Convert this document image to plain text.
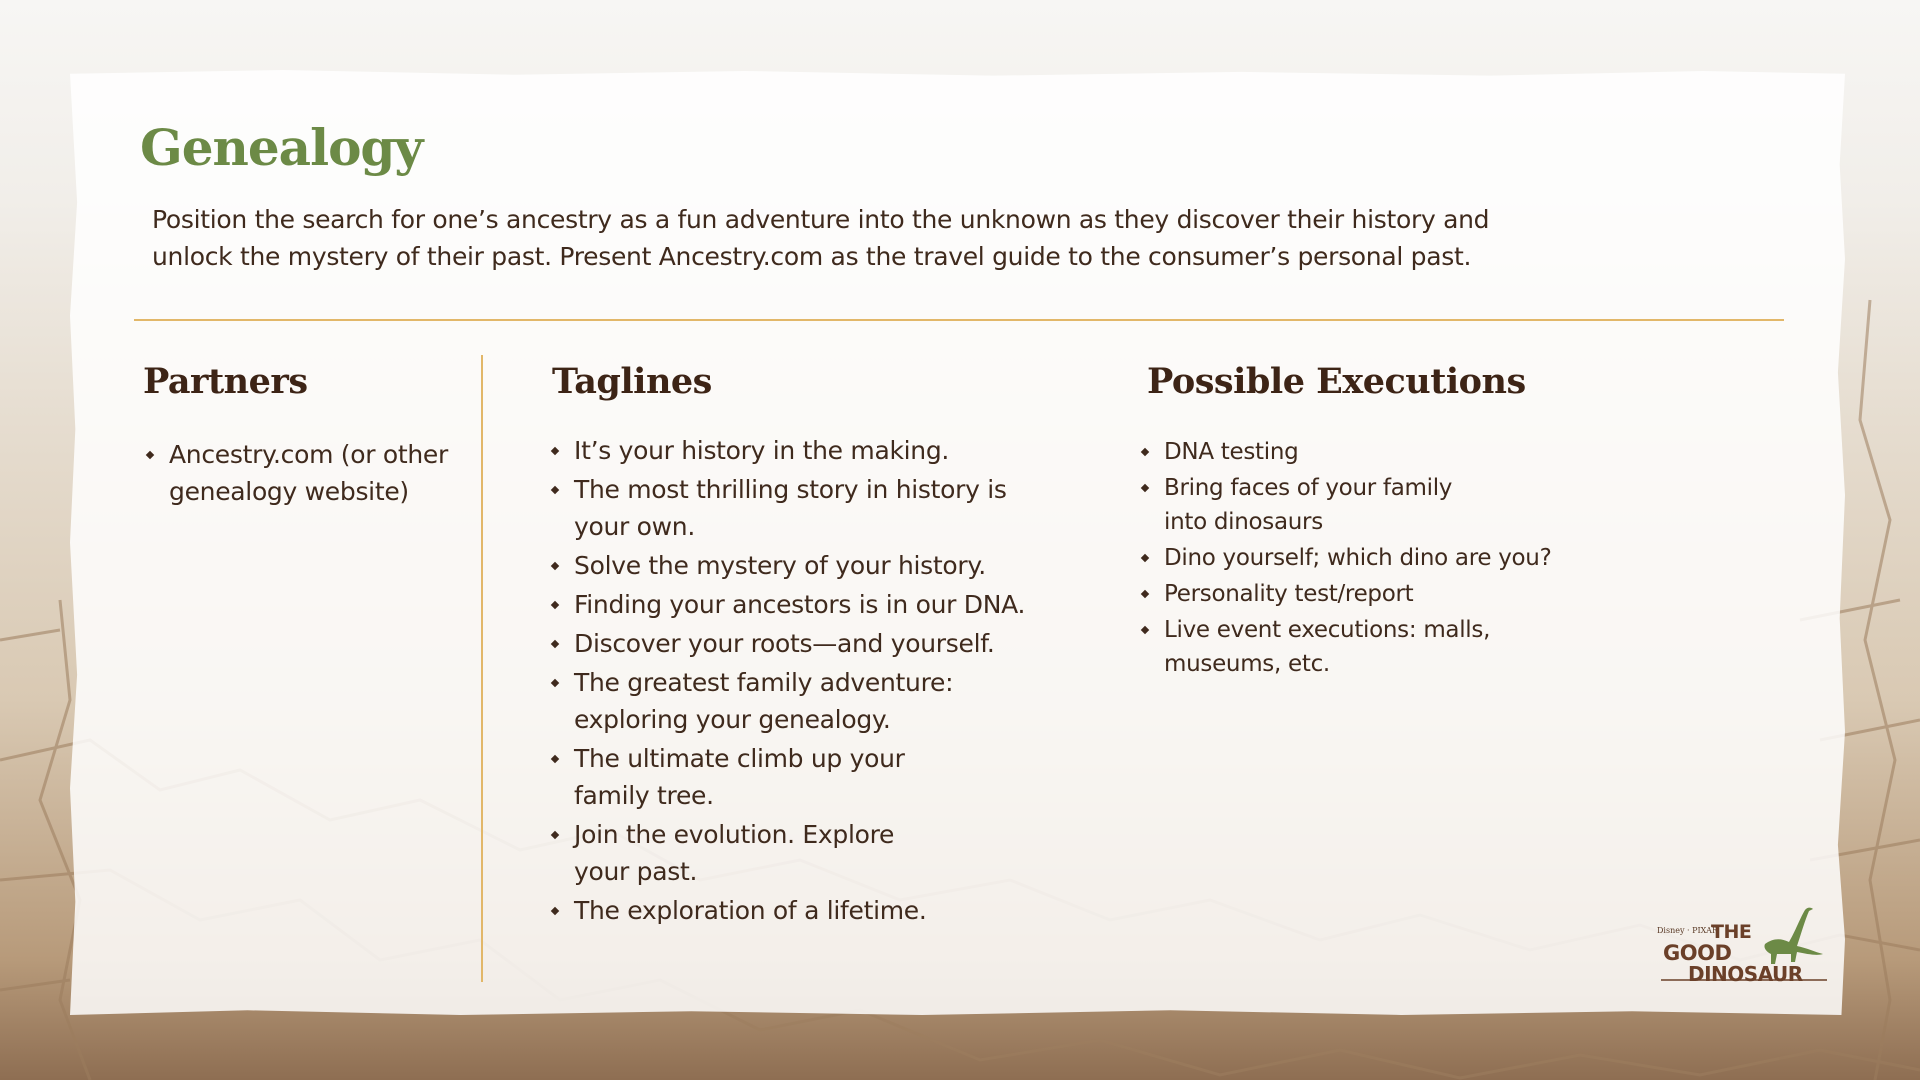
Genealogy
Position the search for one’s ancestry as a fun adventure into the unknown as they discover their history and unlock the mystery of their past. Present Ancestry.com as the travel guide to the consumer’s personal past.
Partners
Ancestry.com (or other genealogy website)
Taglines
It’s your history in the making.
The most thrilling story in history is your own.
Solve the mystery of your history.
Finding your ancestors is in our DNA.
Discover your roots—and yourself.
The greatest family adventure: exploring your genealogy.
The ultimate climb up your family tree.
Join the evolution. Explore your past.
The exploration of a lifetime.
Possible Executions
DNA testing
Bring faces of your family into dinosaurs
Dino yourself; which dino are you?
Personality test/report
Live event executions: malls, museums, etc.
Disney · PIXAR
THE
GOOD
DINOSAUR
